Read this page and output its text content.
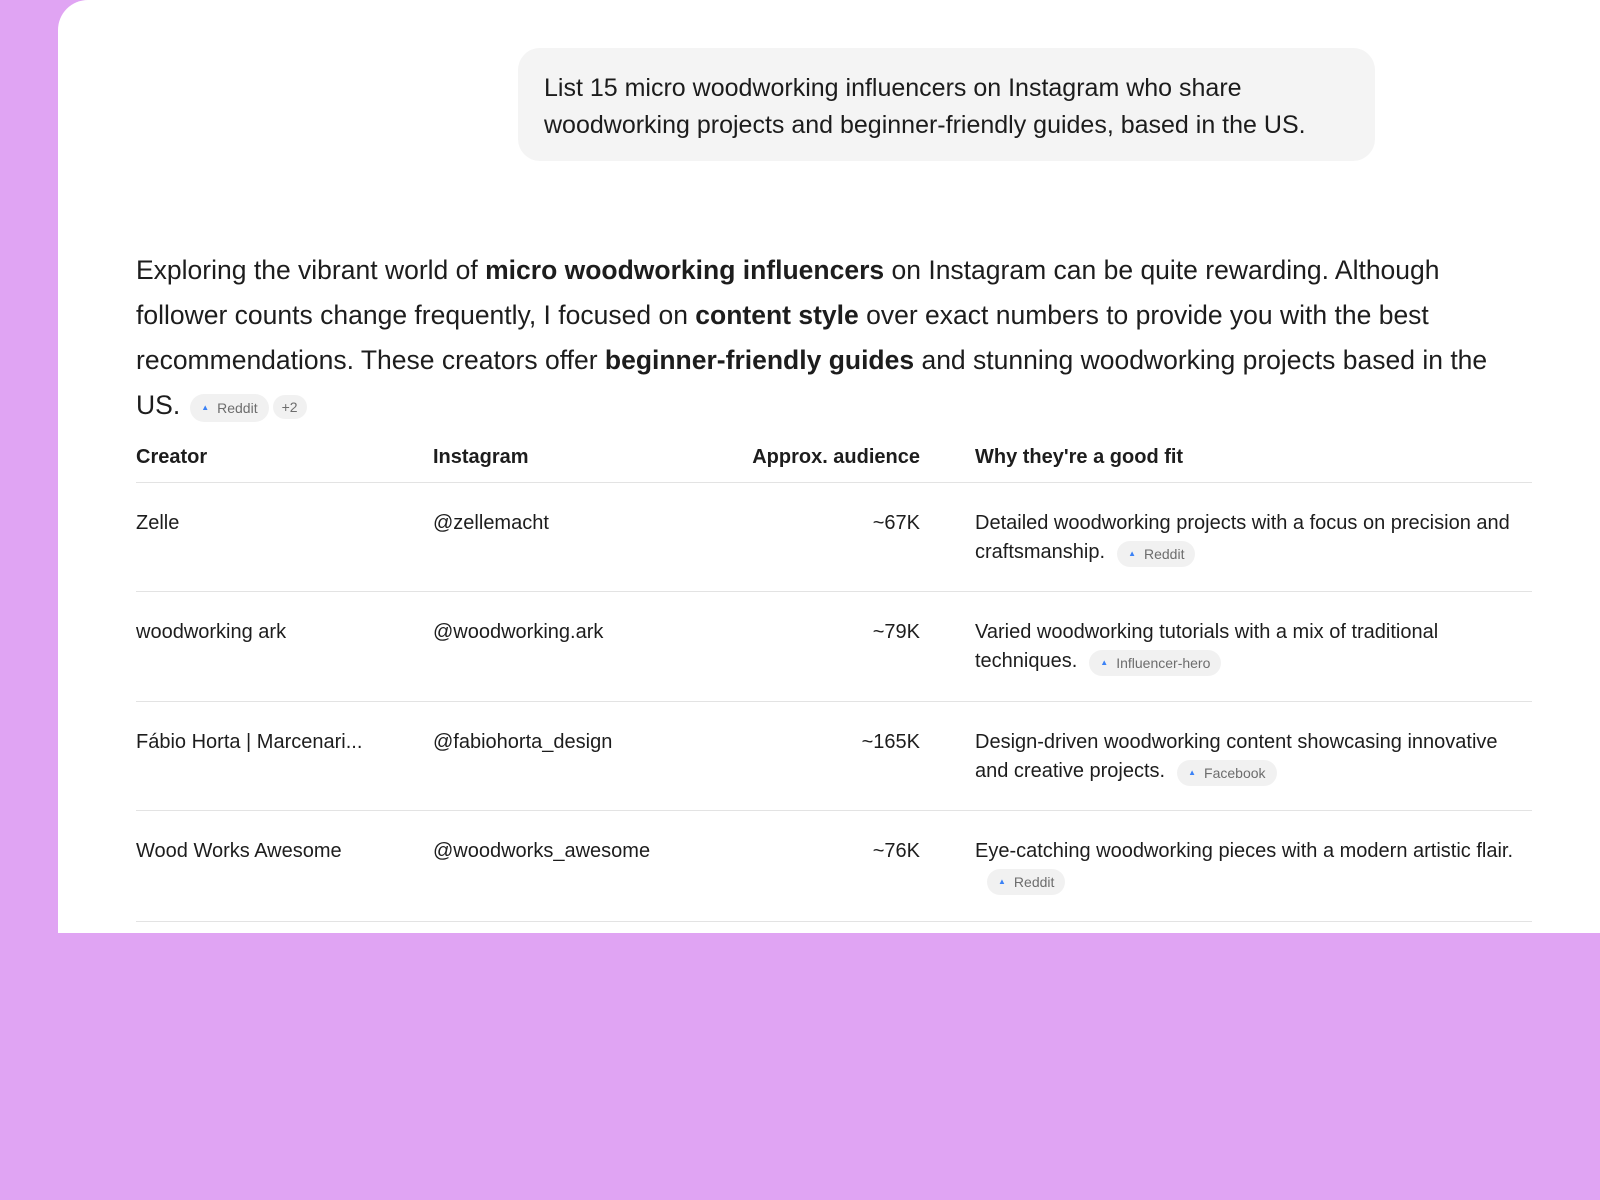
List 15 micro woodworking influencers on Instagram who share woodworking projects and beginner-friendly guides, based in the US.

Exploring the vibrant world of micro woodworking influencers on Instagram can be quite rewarding. Although follower counts change frequently, I focused on content style over exact numbers to provide you with the best recommendations. These creators offer beginner-friendly guides and stunning woodworking projects based in the US.	▲ Reddit +2

Creator	Instagram	Approx. audience	Why they're a good fit
Zelle	@zellemacht	~67K	Detailed woodworking projects with a focus on precision and craftsmanship. ▲ Reddit

woodworking ark	@woodworking.ark	~79K	Varied woodworking tutorials with a mix of traditional techniques. ▲ Influencer-hero

Fábio Horta | Marcenari...	@fabiohorta_design	~165K	Design-driven woodworking content showcasing innovative and creative projects. ▲ Facebook

Wood Works Awesome	@woodworks_awesome	~76K	Eye-catching woodworking pieces with a modern artistic flair.
▲ Reddit
